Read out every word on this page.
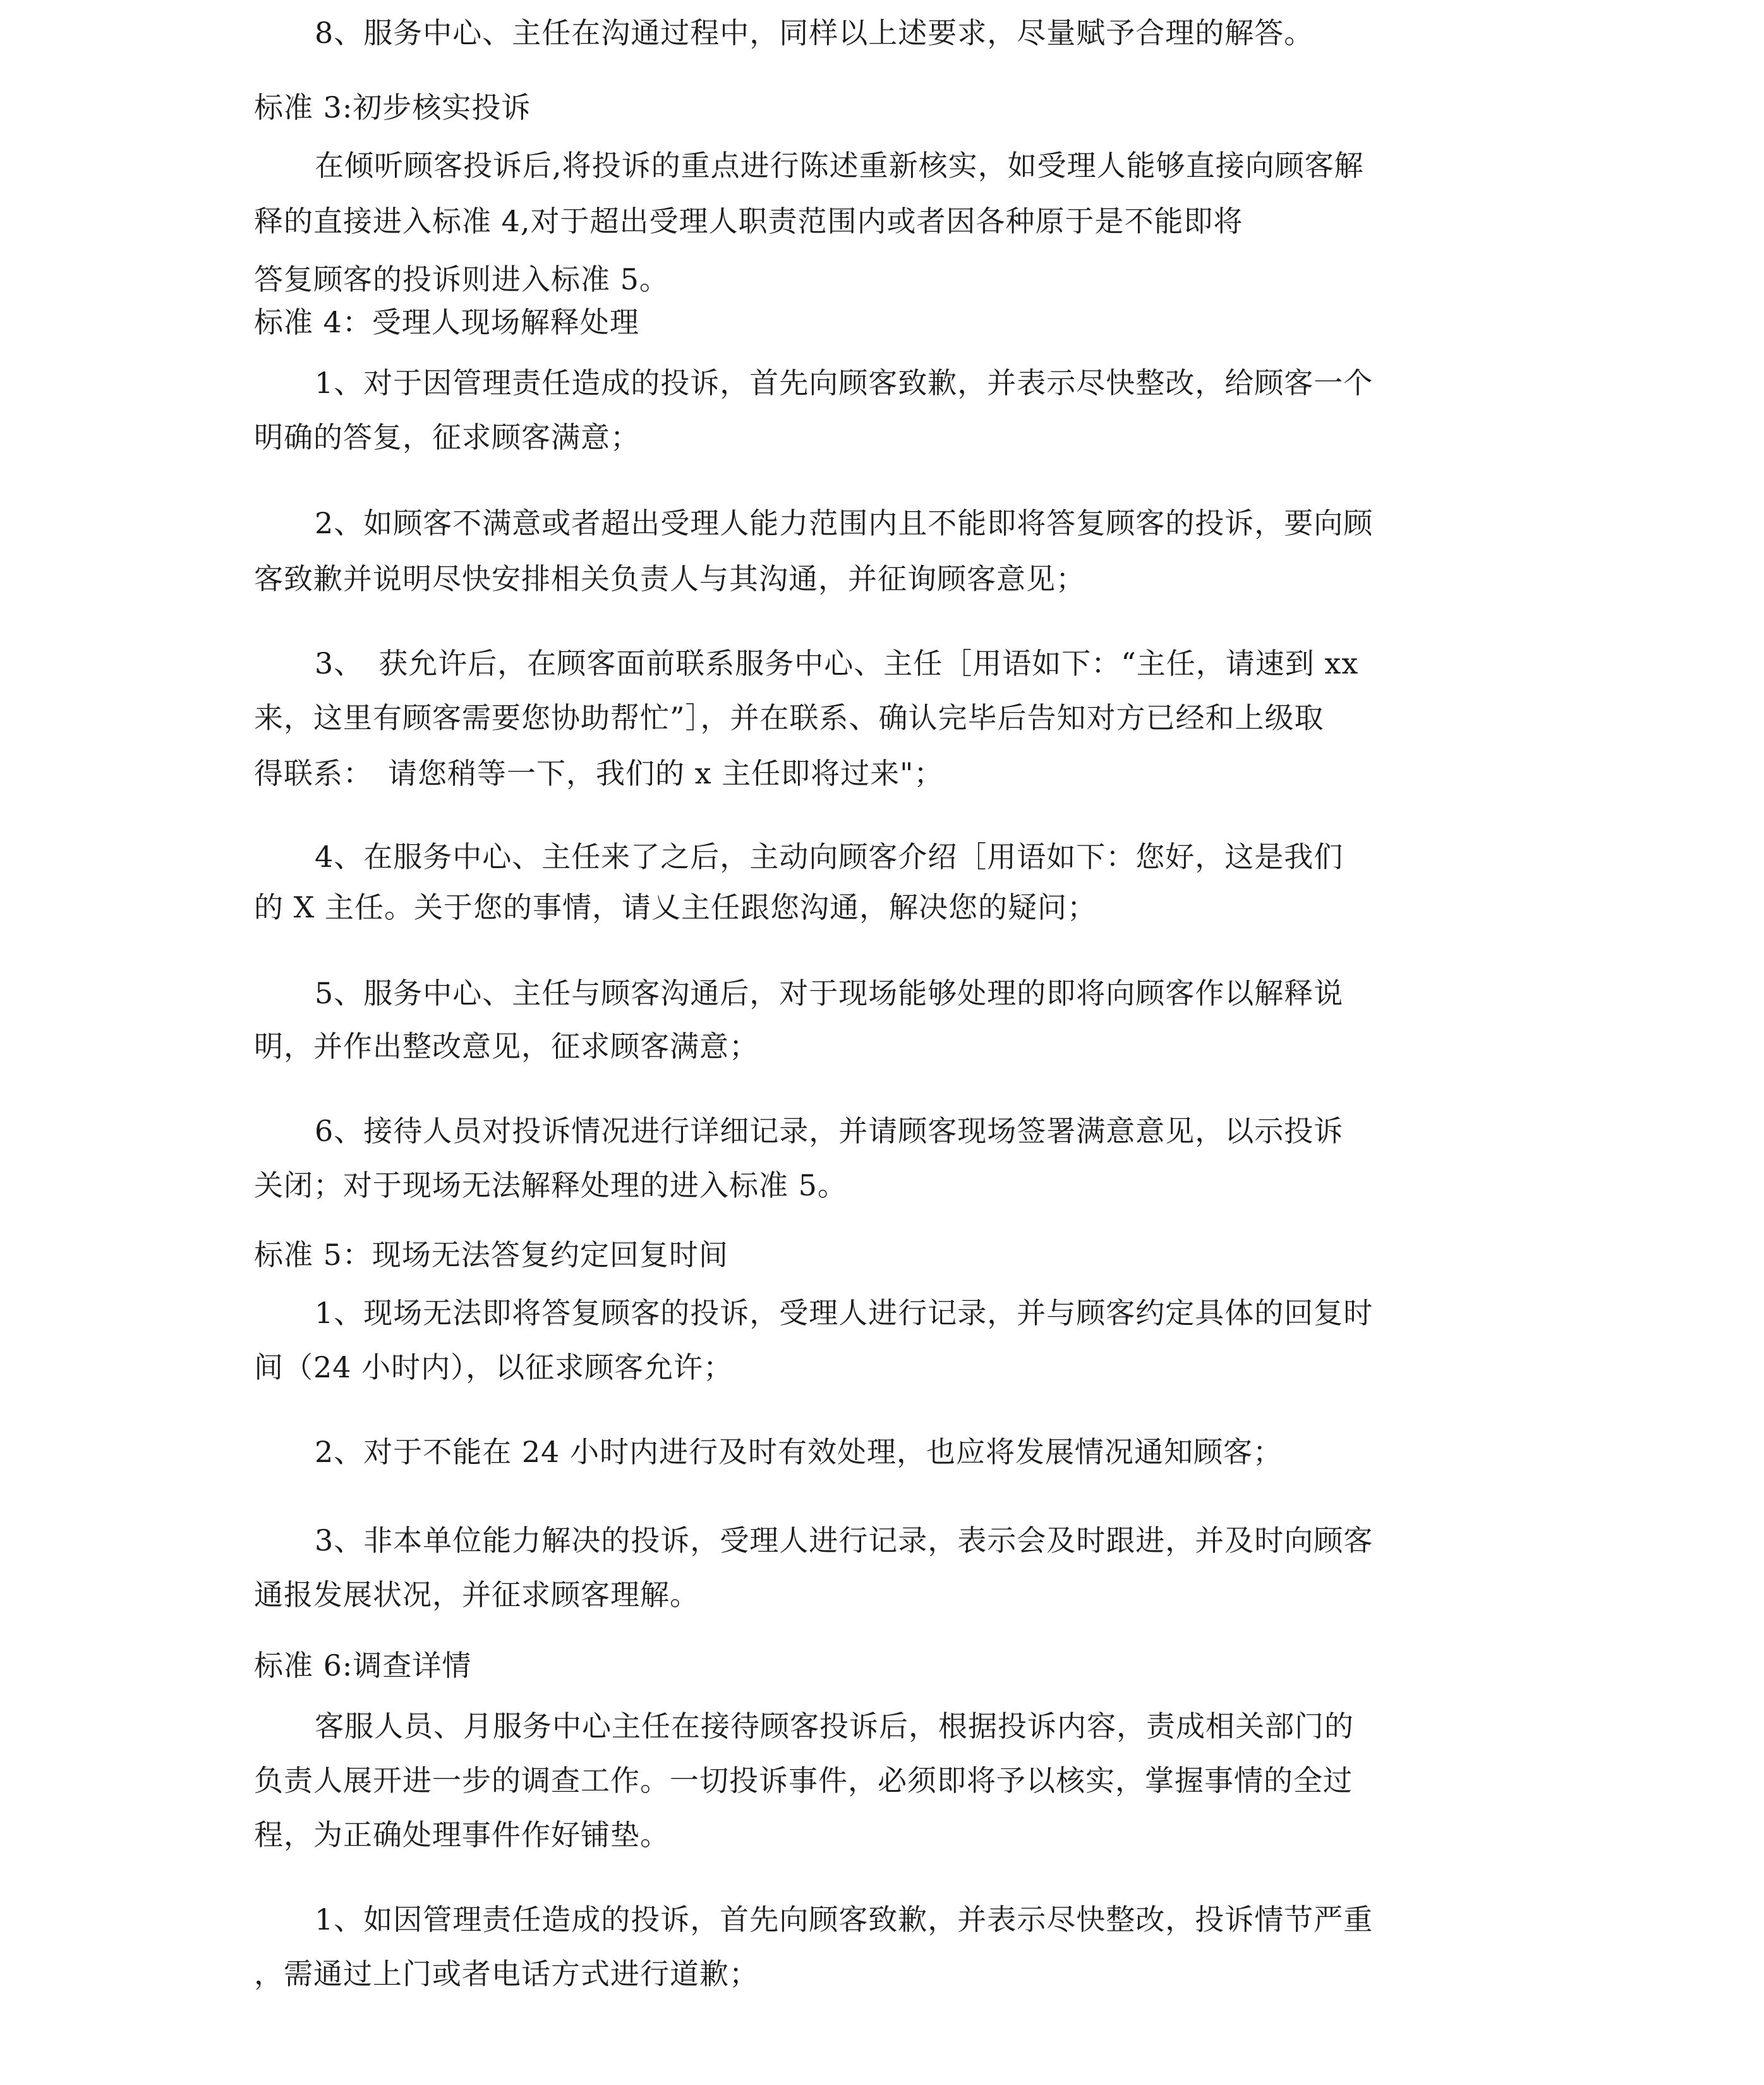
8、服务中心、主任在沟通过程中，同样以上述要求，尽量赋予合理的解答。
标准 3:初步核实投诉
在倾听顾客投诉后,将投诉的重点进行陈述重新核实，如受理人能够直接向顾客解
释的直接进入标准 4,对于超出受理人职责范围内或者因各种原于是不能即将
答复顾客的投诉则进入标准 5。
标准 4：受理人现场解释处理
1、对于因管理责任造成的投诉，首先向顾客致歉，并表示尽快整改，给顾客一个
明确的答复，征求顾客满意；
2、如顾客不满意或者超出受理人能力范围内且不能即将答复顾客的投诉，要向顾
客致歉并说明尽快安排相关负责人与其沟通，并征询顾客意见；
3、　获允许后，在顾客面前联系服务中心、主任［用语如下：“主任，请速到 xx
来，这里有顾客需要您协助帮忙”］，并在联系、确认完毕后告知对方已经和上级取
得联系：　请您稍等一下，我们的 x 主任即将过来"；
4、在服务中心、主任来了之后，主动向顾客介绍［用语如下：您好，这是我们
的 X 主任。关于您的事情，请乂主任跟您沟通，解决您的疑问；
5、服务中心、主任与顾客沟通后，对于现场能够处理的即将向顾客作以解释说
明，并作出整改意见，征求顾客满意；
6、接待人员对投诉情况进行详细记录，并请顾客现场签署满意意见，以示投诉
关闭；对于现场无法解释处理的进入标准 5。
标准 5：现场无法答复约定回复时间
1、现场无法即将答复顾客的投诉，受理人进行记录，并与顾客约定具体的回复时
间（24 小时内），以征求顾客允许；
2、对于不能在 24 小时内进行及时有效处理，也应将发展情况通知顾客；
3、非本单位能力解决的投诉，受理人进行记录，表示会及时跟进，并及时向顾客
通报发展状况，并征求顾客理解。
标准 6:调查详情
客服人员、月服务中心主任在接待顾客投诉后，根据投诉内容，责成相关部门的
负责人展开进一步的调查工作。一切投诉事件，必须即将予以核实，掌握事情的全过
程，为正确处理事件作好铺垫。
1、如因管理责任造成的投诉，首先向顾客致歉，并表示尽快整改，投诉情节严重
，需通过上门或者电话方式进行道歉；
